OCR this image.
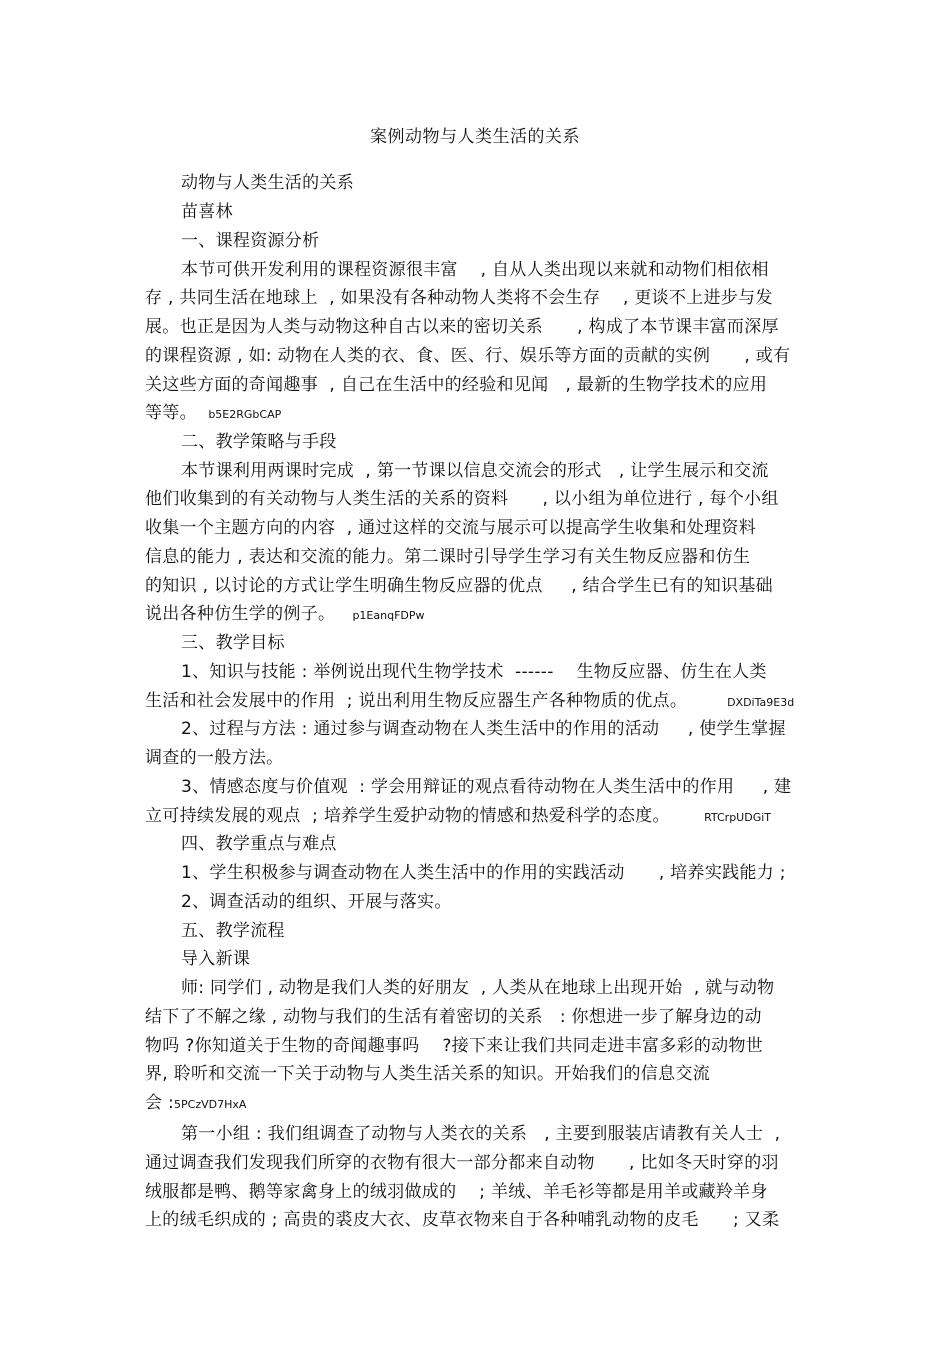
案例动物与人类生活的关系
动物与人类生活的关系
苗喜林
一、课程资源分析
本节可供开发利用的课程资源很丰富    , 自从人类出现以来就和动物们相依相
存 , 共同生活在地球上  , 如果没有各种动物人类将不会生存    , 更谈不上进步与发
展。也正是因为人类与动物这种自古以来的密切关系      , 构成了本节课丰富而深厚
的课程资源 , 如: 动物在人类的衣、食、医、行、娱乐等方面的贡献的实例      , 或有
关这些方面的奇闻趣事  , 自己在生活中的经验和见闻   , 最新的生物学技术的应用
等等。 b5E2RGbCAP
二、教学策略与手段
本节课利用两课时完成  , 第一节课以信息交流会的形式   , 让学生展示和交流
他们收集到的有关动物与人类生活的关系的资料      , 以小组为单位进行 , 每个小组
收集一个主题方向的内容  , 通过这样的交流与展示可以提高学生收集和处理资料
信息的能力 , 表达和交流的能力。第二课时引导学生学习有关生物反应器和仿生
的知识 , 以讨论的方式让学生明确生物反应器的优点     , 结合学生已有的知识基础
说出各种仿生学的例子。 p1EanqFDPw
三、教学目标
1、知识与技能 : 举例说出现代生物学技术  ------    生物反应器、仿生在人类
生活和社会发展中的作用  ; 说出利用生物反应器生产各种物质的优点。	DXDiTa9E3d
2、过程与方法 : 通过参与调查动物在人类生活中的作用的活动     , 使学生掌握
调查的一般方法。
3、情感态度与价值观  : 学会用辩证的观点看待动物在人类生活中的作用     , 建
立可持续发展的观点  ; 培养学生爱护动物的情感和热爱科学的态度。	RTCrpUDGiT
四、教学重点与难点
1、学生积极参与调查动物在人类生活中的作用的实践活动      , 培养实践能力 ;
2、调查活动的组织、开展与落实。
五、教学流程
导入新课
师: 同学们 , 动物是我们人类的好朋友  , 人类从在地球上出现开始  , 就与动物
结下了不解之缘 , 动物与我们的生活有着密切的关系   : 你想进一步了解身边的动
物吗 ?你知道关于生物的奇闻趣事吗    ?接下来让我们共同走进丰富多彩的动物世
界, 聆听和交流一下关于动物与人类生活关系的知识。开始我们的信息交流
会 :5PCzVD7HxA
第一小组 : 我们组调查了动物与人类衣的关系   , 主要到服装店请教有关人士  ,
通过调查我们发现我们所穿的衣物有很大一部分都来自动物      , 比如冬天时穿的羽
绒服都是鸭、鹅等家禽身上的绒羽做成的    ; 羊绒、羊毛衫等都是用羊或藏羚羊身
上的绒毛织成的 ; 高贵的裘皮大衣、皮草衣物来自于各种哺乳动物的皮毛      ; 又柔
